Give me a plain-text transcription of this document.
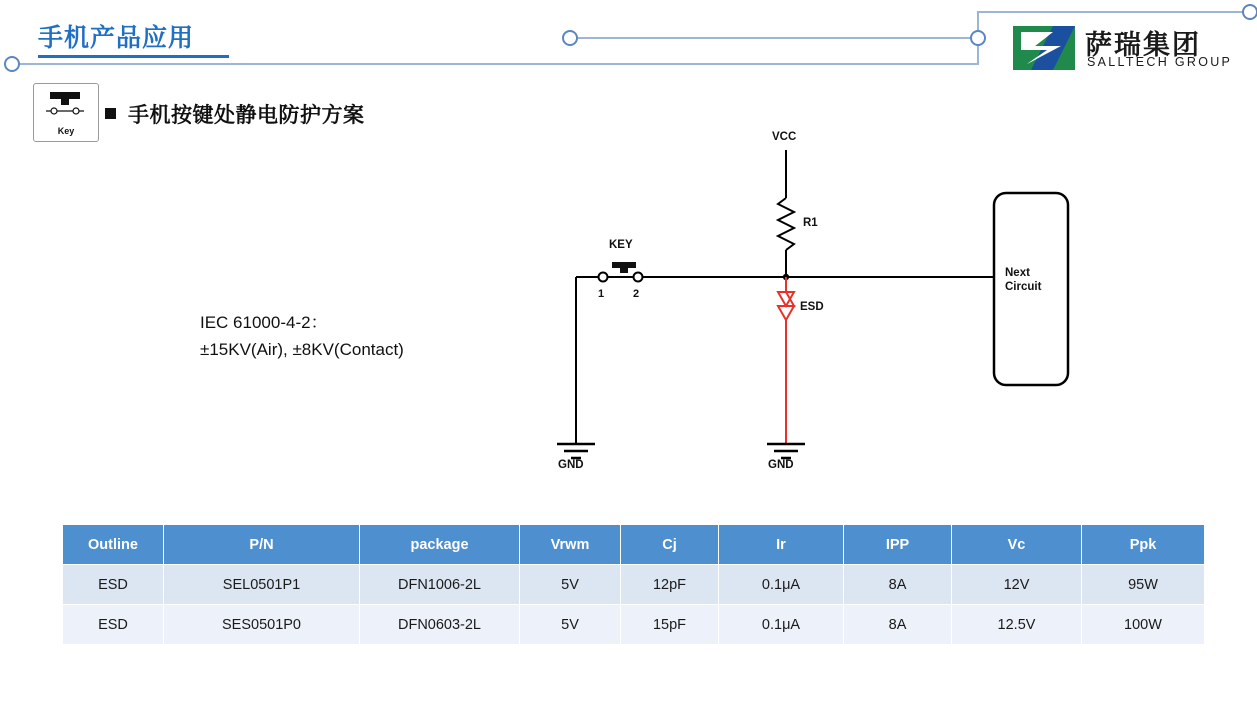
手机产品应用	萨瑞集团
SALLTECH GROUP
Key
手机按键处静电防护方案
IEC 61000-4-2：
±15KV(Air), ±8KV(Contact)
VCC
R1
KEY
1	2
ESD
GND	GND
Next
Circuit
Outline	P/N	package	Vrwm	Cj	Ir	IPP	Vc	Ppk
ESD	SEL0501P1	DFN1006-2L	5V	12pF	0.1μA	8A	12V	95W
ESD	SES0501P0	DFN0603-2L	5V	15pF	0.1μA	8A	12.5V	100W
